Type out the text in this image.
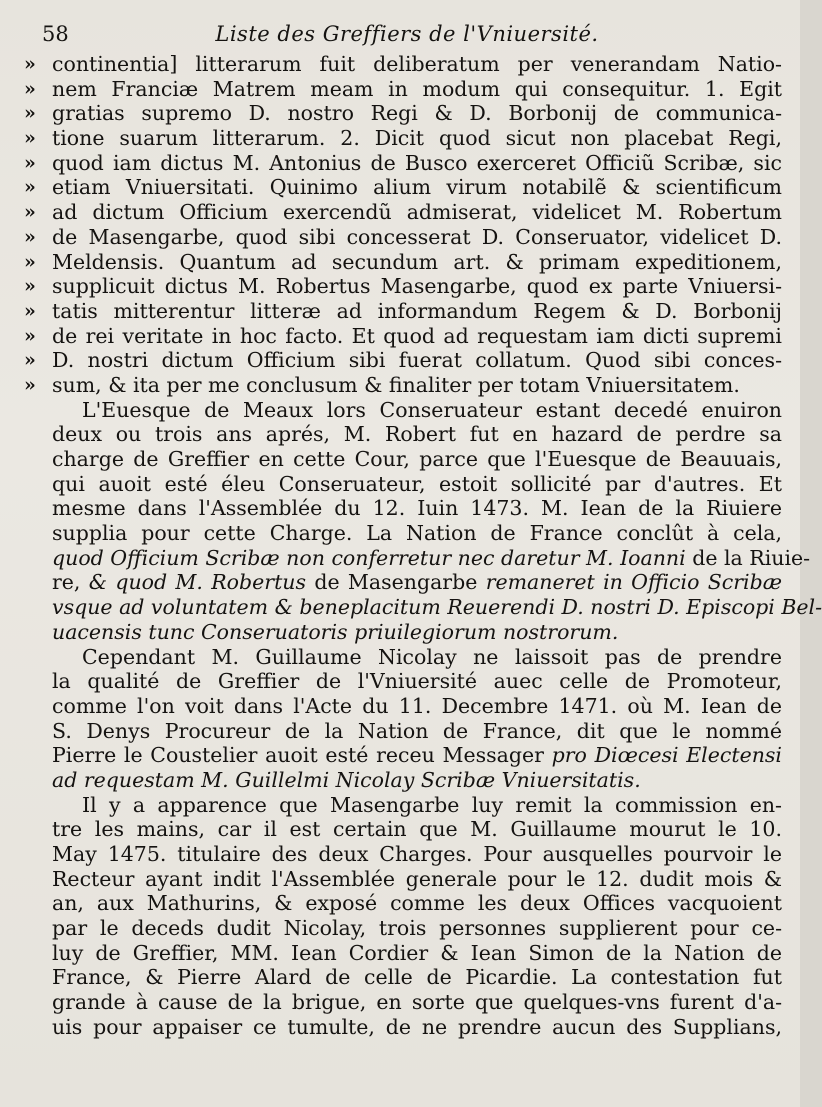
58	Liste des Greffiers de l'Vniuersité.
» continentia] litterarum fuit deliberatum per venerandam Natio-
» nem Franciæ Matrem meam in modum qui consequitur. 1. Egit
» gratias supremo D. nostro Regi & D. Borbonij de communica-
» tione suarum litterarum. 2. Dicit quod sicut non placebat Regi,
» quod iam dictus M. Antonius de Busco exerceret Officiũ Scribæ, sic
» etiam Vniuersitati. Quinimo alium virum notabilẽ & scientificum
» ad dictum Officium exercendũ admiserat, videlicet M. Robertum
» de Masengarbe, quod sibi concesserat D. Conseruator, videlicet D.
» Meldensis. Quantum ad secundum art. & primam expeditionem,
» supplicuit dictus M. Robertus Masengarbe, quod ex parte Vniuersi-
» tatis mitterentur litteræ ad informandum Regem & D. Borbonij
» de rei veritate in hoc facto. Et quod ad requestam iam dicti supremi
» D. nostri dictum Officium sibi fuerat collatum. Quod sibi conces-
» sum, & ita per me conclusum & finaliter per totam Vniuersitatem.
L'Euesque de Meaux lors Conseruateur estant decedé enuiron
deux ou trois ans aprés, M. Robert fut en hazard de perdre sa
charge de Greffier en cette Cour, parce que l'Euesque de Beauuais,
qui auoit esté éleu Conseruateur, estoit sollicité par d'autres. Et
mesme dans l'Assemblée du 12. Iuin 1473. M. Iean de la Riuiere
supplia pour cette Charge. La Nation de France conclût à cela,
quod Officium Scribæ non conferretur nec daretur M. Ioanni de la Riuie-
re, & quod M. Robertus de Masengarbe remaneret in Officio Scribæ
vsque ad voluntatem & beneplacitum Reuerendi D. nostri D. Episcopi Bel-
uacensis tunc Conseruatoris priuilegiorum nostrorum.
Cependant M. Guillaume Nicolay ne laissoit pas de prendre
la qualité de Greffier de l'Vniuersité auec celle de Promoteur,
comme l'on voit dans l'Acte du 11. Decembre 1471. où M. Iean de
S. Denys Procureur de la Nation de France, dit que le nommé
Pierre le Coustelier auoit esté receu Messager pro Diœcesi Electensi
ad requestam M. Guillelmi Nicolay Scribæ Vniuersitatis.
Il y a apparence que Masengarbe luy remit la commission en-
tre les mains, car il est certain que M. Guillaume mourut le 10.
May 1475. titulaire des deux Charges. Pour ausquelles pourvoir le
Recteur ayant indit l'Assemblée generale pour le 12. dudit mois &
an, aux Mathurins, & exposé comme les deux Offices vacquoient
par le deceds dudit Nicolay, trois personnes supplierent pour ce-
luy de Greffier, MM. Iean Cordier & Iean Simon de la Nation de
France, & Pierre Alard de celle de Picardie. La contestation fut
grande à cause de la brigue, en sorte que quelques-vns furent d'a-
uis pour appaiser ce tumulte, de ne prendre aucun des Supplians,
